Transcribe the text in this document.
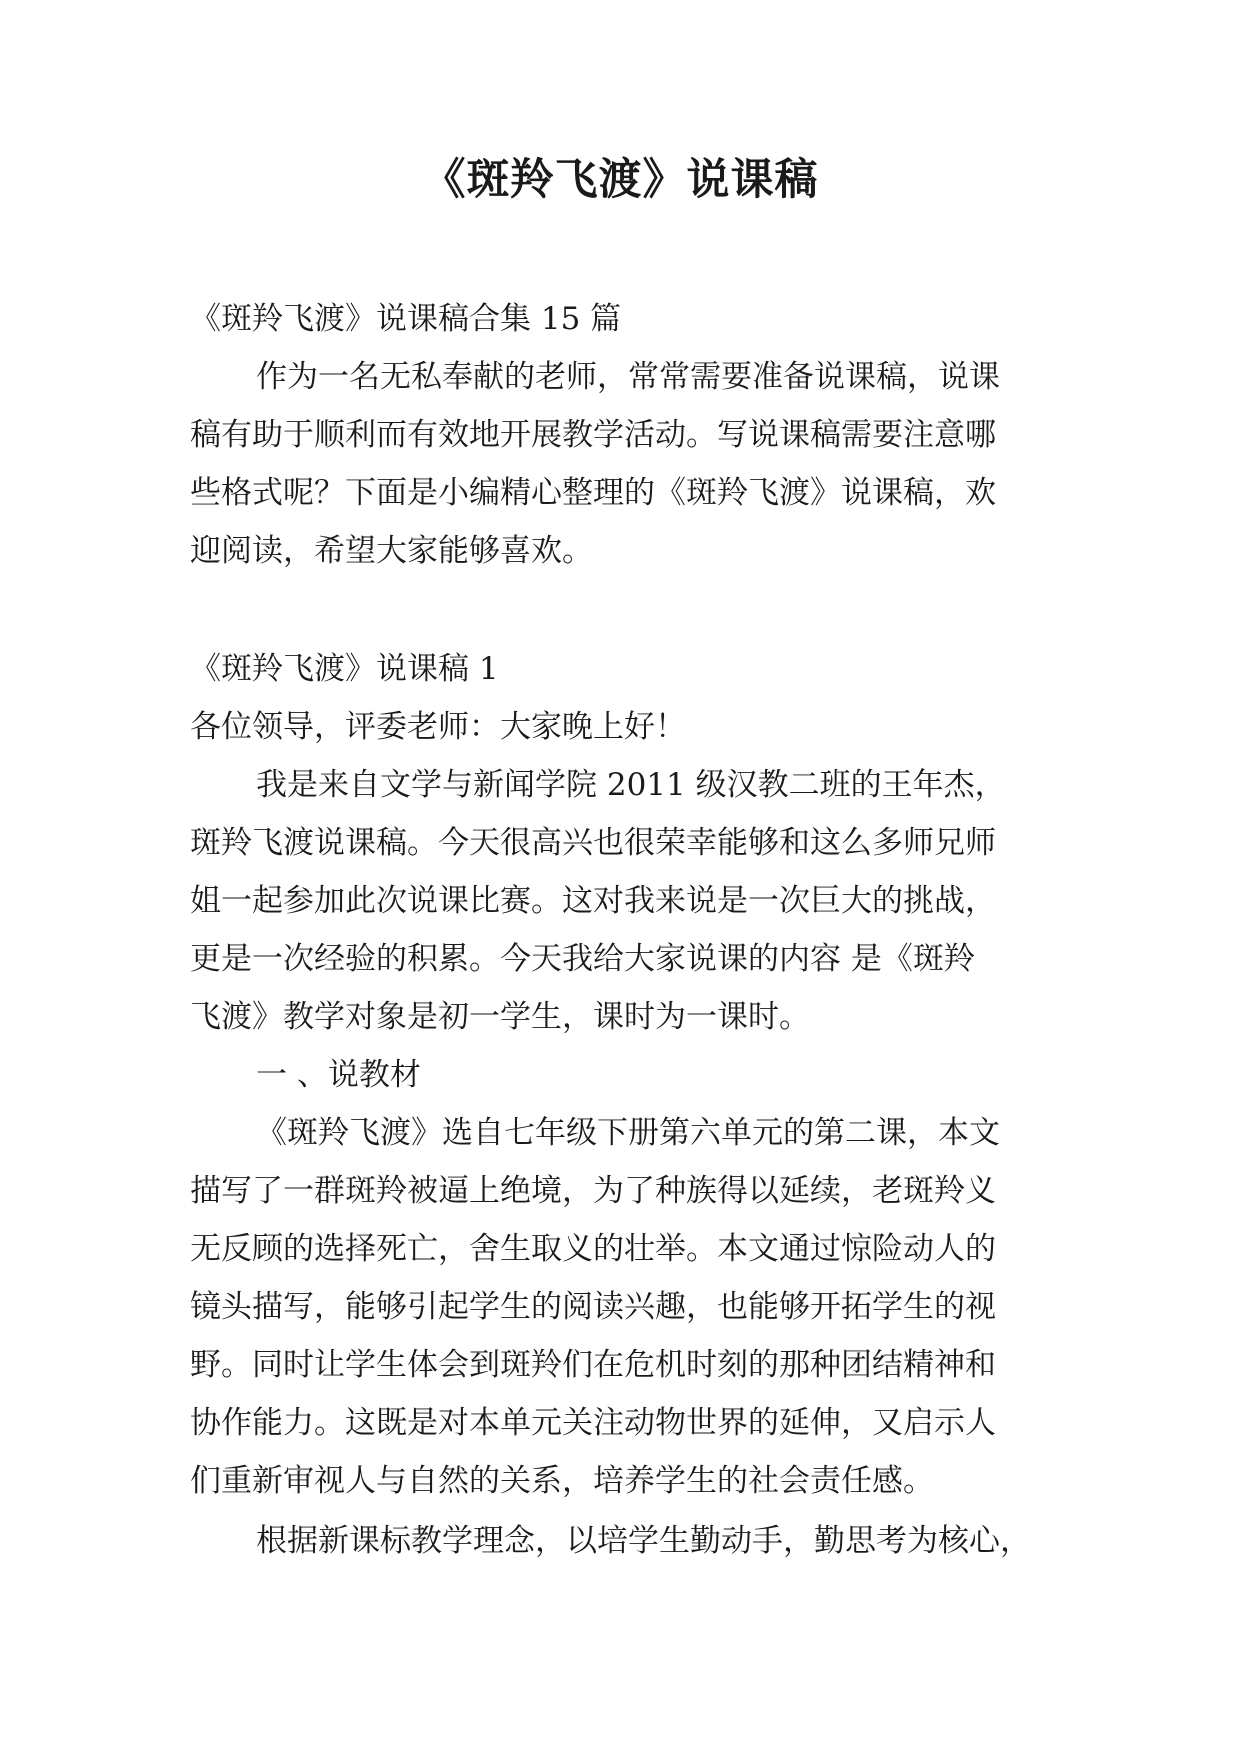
《斑羚飞渡》说课稿
《斑羚飞渡》说课稿合集 15 篇
作为一名无私奉献的老师，常常需要准备说课稿，说课
稿有助于顺利而有效地开展教学活动。写说课稿需要注意哪
些格式呢？下面是小编精心整理的《斑羚飞渡》说课稿，欢
迎阅读，希望大家能够喜欢。
《斑羚飞渡》说课稿 1
各位领导，评委老师：大家晚上好！
我是来自文学与新闻学院 2011 级汉教二班的王年杰，
斑羚飞渡说课稿。今天很高兴也很荣幸能够和这么多师兄师
姐一起参加此次说课比赛。这对我来说是一次巨大的挑战，
更是一次经验的积累。今天我给大家说课的内容 是《斑羚
飞渡》教学对象是初一学生，课时为一课时。
一 、说教材
《斑羚飞渡》选自七年级下册第六单元的第二课，本文
描写了一群斑羚被逼上绝境，为了种族得以延续，老斑羚义
无反顾的选择死亡，舍生取义的壮举。本文通过惊险动人的
镜头描写，能够引起学生的阅读兴趣，也能够开拓学生的视
野。同时让学生体会到斑羚们在危机时刻的那种团结精神和
协作能力。这既是对本单元关注动物世界的延伸，又启示人
们重新审视人与自然的关系，培养学生的社会责任感。
根据新课标教学理念，以培学生勤动手，勤思考为核心，
